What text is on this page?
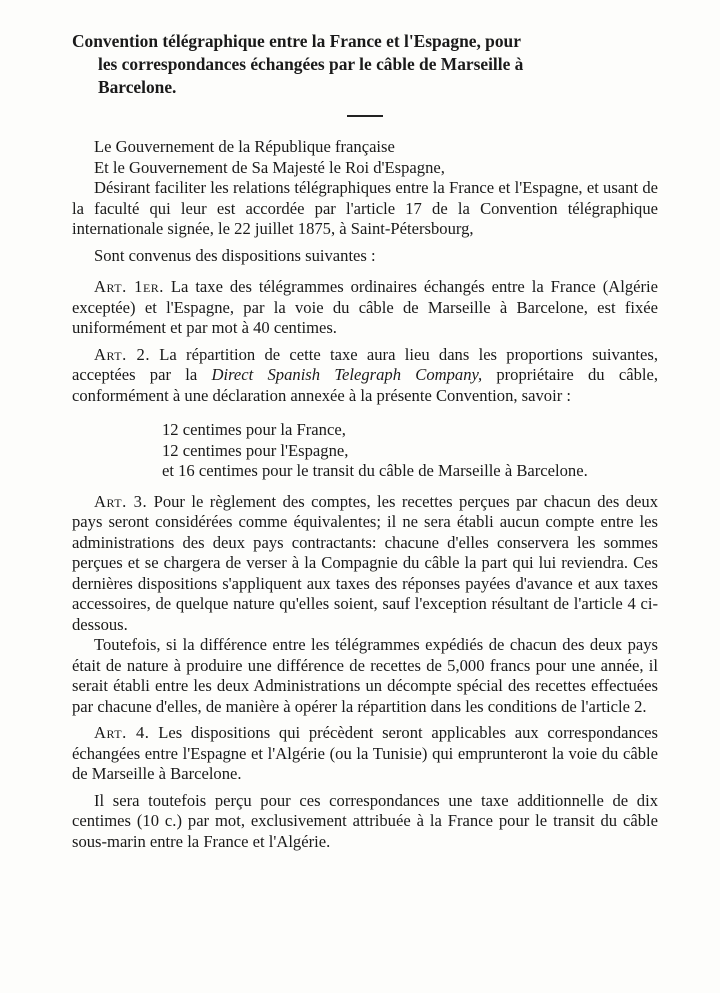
Convention télégraphique entre la France et l'Espagne, pour
les correspondances échangées par le câble de Marseille à
Barcelone.

Le Gouvernement de la République française

Et le Gouvernement de Sa Majesté le Roi d'Espagne,

Désirant faciliter les relations télégraphiques entre la France et l'Espagne, et usant de la faculté qui leur est accordée par l'article 17 de la Convention télégraphique internationale signée, le 22 juillet 1875, à Saint-Pétersbourg,

Sont convenus des dispositions suivantes :

Art. 1er. La taxe des télégrammes ordinaires échangés entre la France (Algérie exceptée) et l'Espagne, par la voie du câble de Marseille à Barcelone, est fixée uniformément et par mot à 40 centimes.

Art. 2. La répartition de cette taxe aura lieu dans les proportions suivantes, acceptées par la Direct Spanish Telegraph Company, propriétaire du câble, conformément à une déclaration annexée à la présente Convention, savoir :

12 centimes pour la France,

12 centimes pour l'Espagne,

et 16 centimes pour le transit du câble de Marseille à Barcelone.

Art. 3. Pour le règlement des comptes, les recettes perçues par chacun des deux pays seront considérées comme équivalentes; il ne sera établi aucun compte entre les administrations des deux pays contractants: chacune d'elles conservera les sommes perçues et se chargera de verser à la Compagnie du câble la part qui lui reviendra. Ces dernières dispositions s'appliquent aux taxes des réponses payées d'avance et aux taxes accessoires, de quelque nature qu'elles soient, sauf l'exception résultant de l'article 4 ci-dessous.

Toutefois, si la différence entre les télégrammes expédiés de chacun des deux pays était de nature à produire une différence de recettes de 5,000 francs pour une année, il serait établi entre les deux Administrations un décompte spécial des recettes effectuées par chacune d'elles, de manière à opérer la répartition dans les conditions de l'article 2.

Art. 4. Les dispositions qui précèdent seront applicables aux correspondances échangées entre l'Espagne et l'Algérie (ou la Tunisie) qui emprunteront la voie du câble de Marseille à Barcelone.

Il sera toutefois perçu pour ces correspondances une taxe additionnelle de dix centimes (10 c.) par mot, exclusivement attribuée à la France pour le transit du câble sous-marin entre la France et l'Algérie.
